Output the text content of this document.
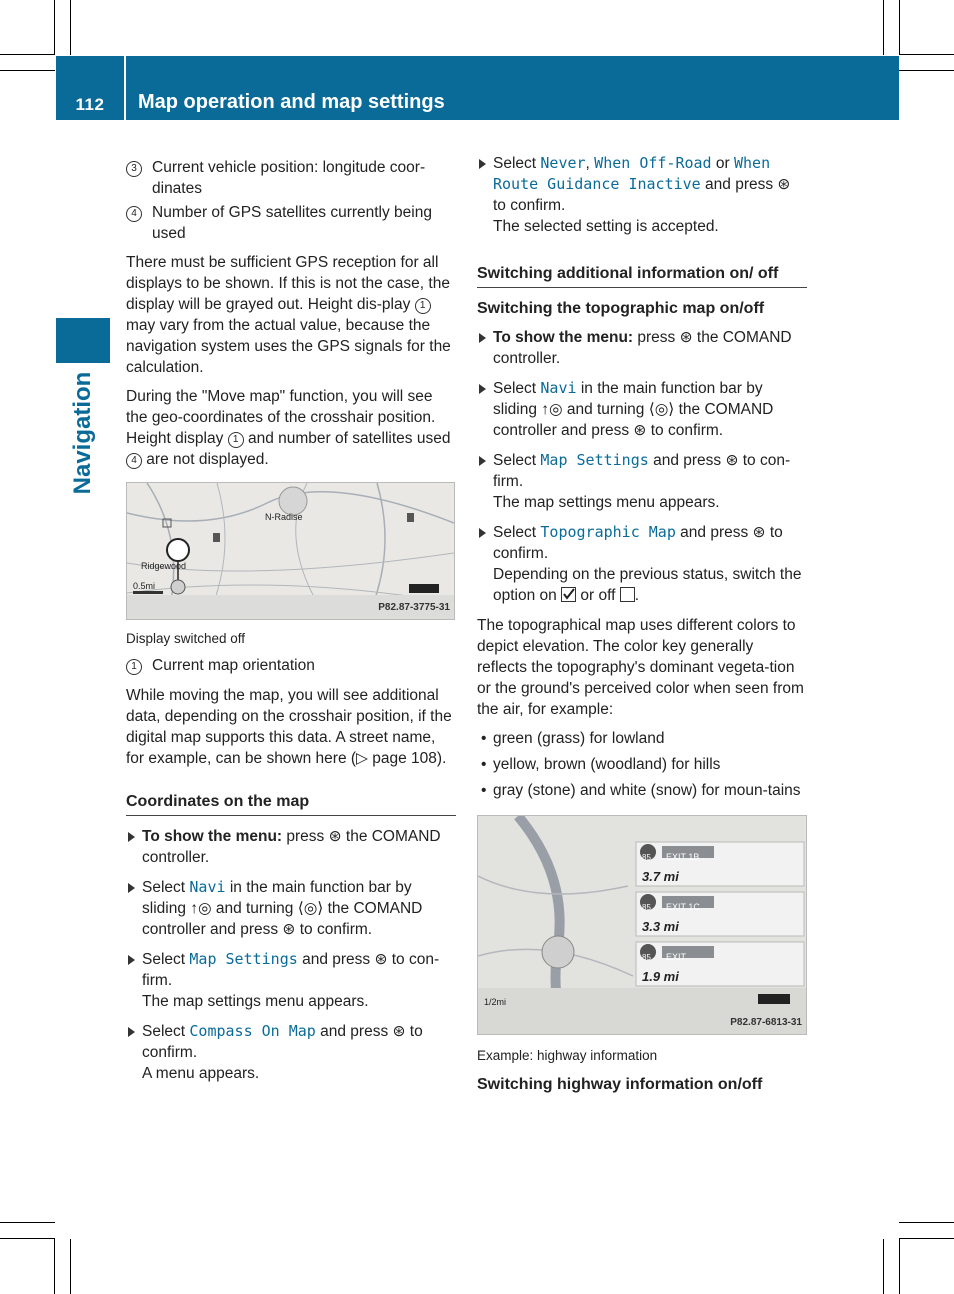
112	Map operation and map settings
Navigation
3 Current vehicle position: longitude coor-dinates
4 Number of GPS satellites currently being used

There must be sufficient GPS reception for all displays to be shown. If this is not the case, the display will be grayed out. Height dis-play 1 may vary from the actual value, because the navigation system uses the GPS signals for the calculation.

During the "Move map" function, you will see the geo-coordinates of the crosshair position. Height display 1 and number of satellites used 4 are not displayed.

Ridgewood
N-Radise
0.5mi
P82.87-3775-31
Display switched off
1 Current map orientation

While moving the map, you will see additional data, depending on the crosshair position, if the digital map supports this data. A street name, for example, can be shown here (▷ page 108).

Coordinates on the map
To show the menu: press ⊛ the COMAND controller.
Select Navi in the main function bar by sliding ↑◎ and turning ⟨◎⟩ the COMAND controller and press ⊛ to confirm.
Select Map Settings and press ⊛ to con-firm.
The map settings menu appears.
Select Compass On Map and press ⊛ to confirm.
A menu appears.
Select Never, When Off-Road or When Route Guidance Inactive and press ⊛ to confirm.
The selected setting is accepted.
Switching additional information on/ off
Switching the topographic map on/off
To show the menu: press ⊛ the COMAND controller.
Select Navi in the main function bar by sliding ↑◎ and turning ⟨◎⟩ the COMAND controller and press ⊛ to confirm.
Select Map Settings and press ⊛ to con-firm.
The map settings menu appears.
Select Topographic Map and press ⊛ to confirm.
Depending on the previous status, switch the option on
or off .

The topographical map uses different colors to depict elevation. The color key generally reflects the topography's dominant vegeta-tion or the ground's perceived color when seen from the air, for example:

• green (grass) for lowland
• yellow, brown (woodland) for hills
• gray (stone) and white (snow) for moun-tains
85 EXIT 1B
3.7 mi
85 EXIT 1C
3.3 mi
85 EXIT
1.9 mi
1/2mi
P82.87-6813-31
Example: highway information
Switching highway information on/off
